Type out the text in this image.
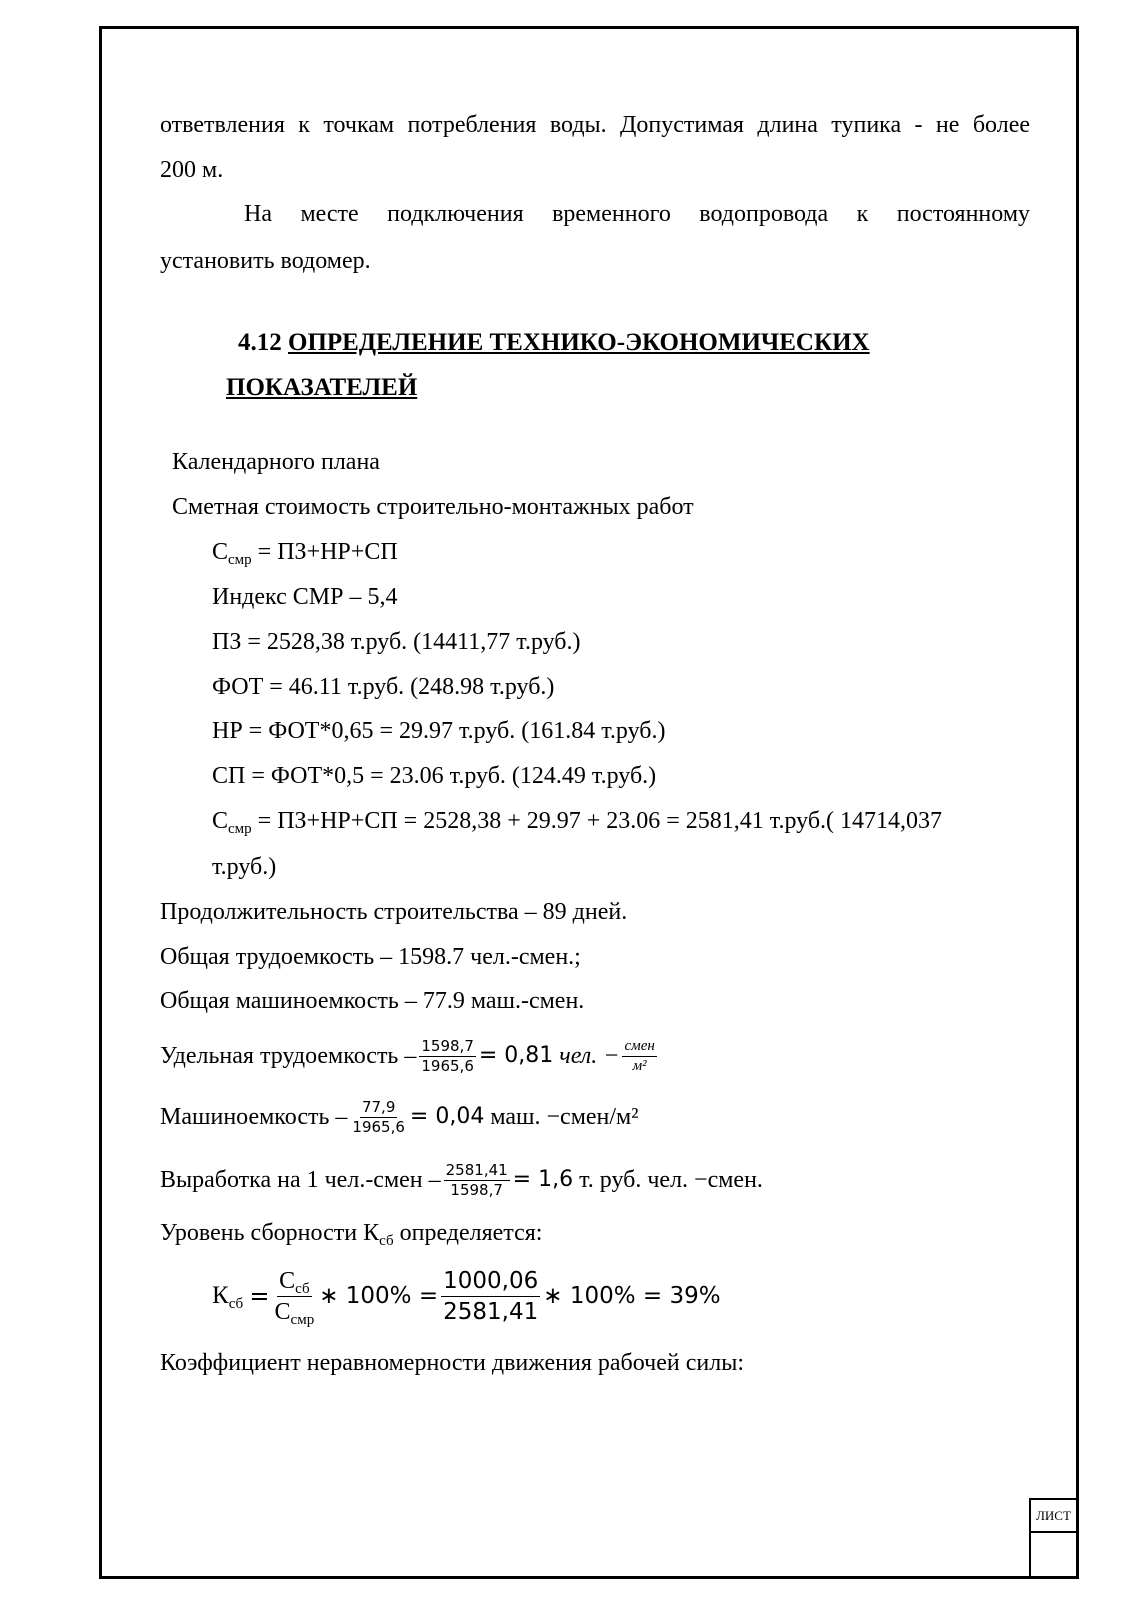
ответвления к точкам потребления воды. Допустимая длина тупика - не более
200 м.
На месте подключения временного водопровода к постоянному
установить водомер.
4.12 ОПРЕДЕЛЕНИЕ ТЕХНИКО-ЭКОНОМИЧЕСКИХ
ПОКАЗАТЕЛЕЙ
Календарного плана
Сметная стоимость строительно-монтажных работ
$С_{смр} = ПЗ+НР+СП$
Индекс СМР – 5,4
ПЗ = 2528,38 т.руб. (14411,77 т.руб.)
ФОТ = 46.11 т.руб. (248.98 т.руб.)
НР = ФОТ*0,65 = 29.97 т.руб. (161.84 т.руб.)
СП = ФОТ*0,5 = 23.06 т.руб. (124.49 т.руб.)
$С_{смр} = ПЗ+НР+СП = 2528,38 + 29.97 + 23.06 = 2581,41$ т.руб.( 14714,037
т.руб.)
Продолжительность строительства – 89 дней.
Общая трудоемкость – 1598.7 чел.-смен.;
Общая машиноемкость – 77.9 маш.-смен.
Удельная трудоемкость – $\frac{1598,7}{1965,6} = 0,81$
чел. − $\frac{\text{смен}}{\text{м²}}$
Машиноемкость – $\frac{77,9}{1965,6} = 0,04$
маш. −смен/м²
Выработка на 1 чел.-смен – $\frac{2581,41}{1598,7} = 1,6$
т. руб. чел. −смен.
Уровень сборности $К_{сб}$ определяется:
$К_{сб}$
= $\frac{С_{сб}}{С_{смр}}$ ∗ $100\% = \frac{1000,06}{2581,41}$ ∗ 100% = 39%
Коэффициент неравномерности движения рабочей силы:
ЛИСТ
